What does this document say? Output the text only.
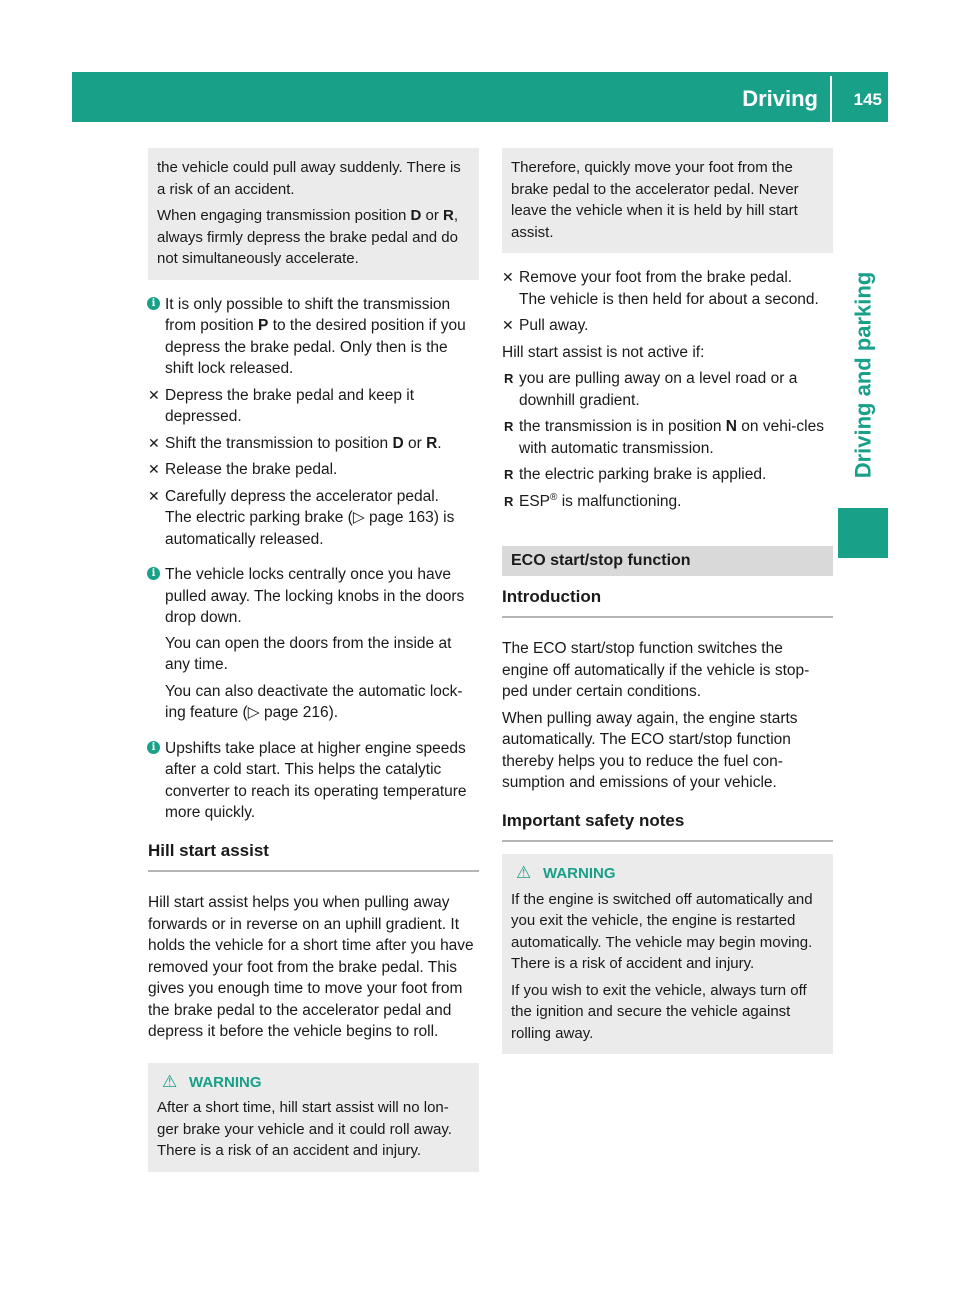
Driving 145
Driving and parking

the vehicle could pull away suddenly. There is a risk of an accident.

When engaging transmission position D or R, always firmly depress the brake pedal and do not simultaneously accelerate.

i It is only possible to shift the transmission from position P to the desired position if you depress the brake pedal. Only then is the shift lock released.
✕ Depress the brake pedal and keep it depressed.
✕ Shift the transmission to position D or R.
✕ Release the brake pedal.
✕ Carefully depress the accelerator pedal.

The electric parking brake (▷ page 163) is automatically released.

i The vehicle locks centrally once you have pulled away. The locking knobs in the doors drop down.

You can open the doors from the inside at any time.

You can also deactivate the automatic lock-ing feature (▷ page 216).

i Upshifts take place at higher engine speeds after a cold start. This helps the catalytic converter to reach its operating temperature more quickly.
Hill start assist

Hill start assist helps you when pulling away forwards or in reverse on an uphill gradient. It holds the vehicle for a short time after you have removed your foot from the brake pedal. This gives you enough time to move your foot from the brake pedal to the accelerator pedal and depress it before the vehicle begins to roll.

⚠ WARNING

After a short time, hill start assist will no lon-ger brake your vehicle and it could roll away. There is a risk of an accident and injury.

Therefore, quickly move your foot from the brake pedal to the accelerator pedal. Never leave the vehicle when it is held by hill start assist.

✕ Remove your foot from the brake pedal.

The vehicle is then held for about a second.

✕ Pull away.

Hill start assist is not active if:

R you are pulling away on a level road or a downhill gradient.
R the transmission is in position N on vehi-cles with automatic transmission.
R the electric parking brake is applied.
R ESP® is malfunctioning.
ECO start/stop function
Introduction

The ECO start/stop function switches the engine off automatically if the vehicle is stop-ped under certain conditions.

When pulling away again, the engine starts automatically. The ECO start/stop function thereby helps you to reduce the fuel con-sumption and emissions of your vehicle.

Important safety notes

⚠ WARNING

If the engine is switched off automatically and you exit the vehicle, the engine is restarted automatically. The vehicle may begin moving. There is a risk of accident and injury.

If you wish to exit the vehicle, always turn off the ignition and secure the vehicle against rolling away.
